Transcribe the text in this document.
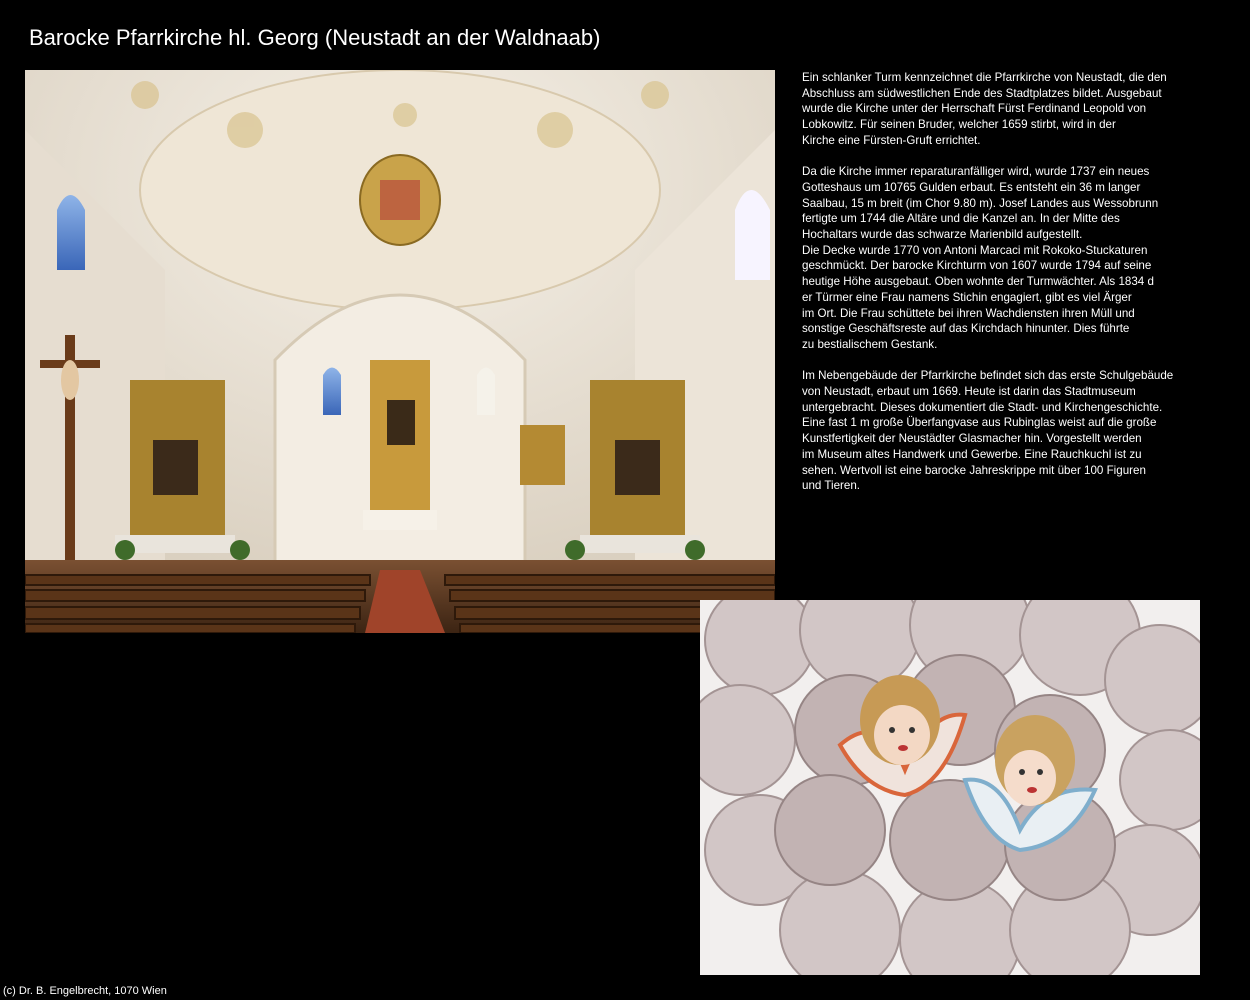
Barocke Pfarrkirche hl. Georg (Neustadt an der Waldnaab)

Ein schlanker Turm kennzeichnet die Pfarrkirche von Neustadt, die den
Abschluss am südwestlichen Ende des Stadtplatzes bildet. Ausgebaut
wurde die Kirche unter der Herrschaft Fürst Ferdinand Leopold von
Lobkowitz. Für seinen Bruder, welcher 1659 stirbt, wird in der
Kirche eine Fürsten-Gruft errichtet.

Da die Kirche immer reparaturanfälliger wird, wurde 1737 ein neues
Gotteshaus um 10765 Gulden erbaut. Es entsteht ein 36 m langer
Saalbau, 15 m breit (im Chor 9.80 m). Josef Landes aus Wessobrunn
fertigte um 1744 die Altäre und die Kanzel an. In der Mitte des
Hochaltars wurde das schwarze Marienbild aufgestellt.
Die Decke wurde 1770 von Antoni Marcaci mit Rokoko-Stuckaturen
geschmückt. Der barocke Kirchturm von 1607 wurde 1794 auf seine
heutige Höhe ausgebaut. Oben wohnte der Turmwächter. Als 1834 d
er Türmer eine Frau namens Stichin engagiert, gibt es viel Ärger
im Ort. Die Frau schüttete bei ihren Wachdiensten ihren Müll und
sonstige Geschäftsreste auf das Kirchdach hinunter. Dies führte
zu bestialischem Gestank.

Im Nebengebäude der Pfarrkirche befindet sich das erste Schulgebäude
von Neustadt, erbaut um 1669. Heute ist darin das Stadtmuseum
untergebracht. Dieses dokumentiert die Stadt- und Kirchengeschichte.
Eine fast 1 m große Überfangvase aus Rubinglas weist auf die große
Kunstfertigkeit der Neustädter Glasmacher hin. Vorgestellt werden
im Museum altes Handwerk und Gewerbe. Eine Rauchkuchl ist zu
sehen. Wertvoll ist eine barocke Jahreskrippe mit über 100 Figuren
und Tieren.

(c) Dr. B. Engelbrecht, 1070 Wien
